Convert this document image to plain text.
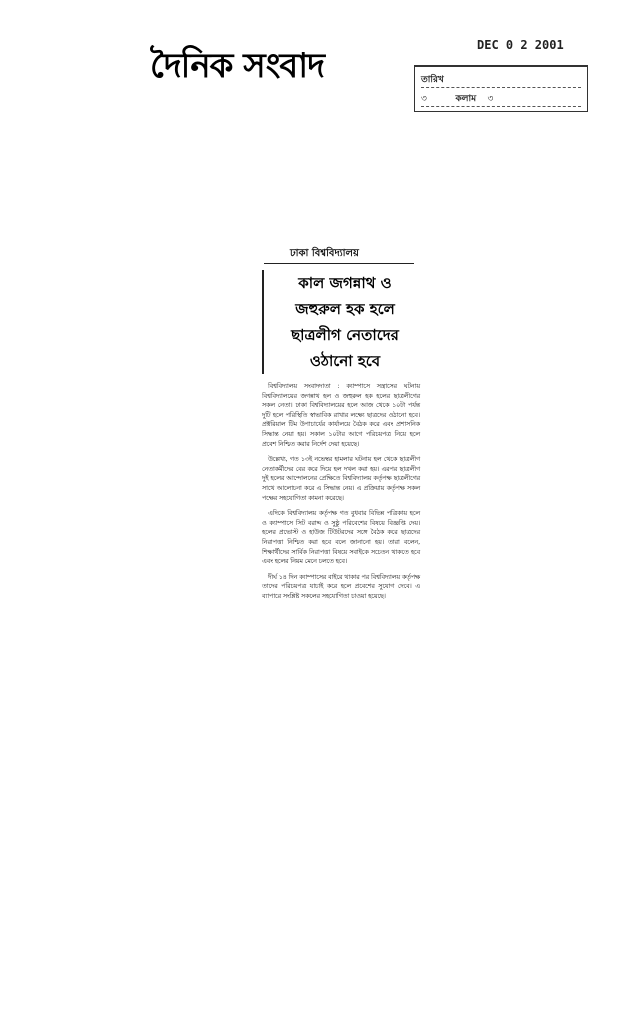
দৈনিক সংবাদ
DEC 0 2 2001
তারিখ
৩	কলাম ৩
ঢাকা বিশ্ববিদ্যালয়
কাল জগন্নাথ ও
জহুরুল হক হলে
ছাত্রলীগ নেতাদের
ওঠানো হবে

বিশ্ববিদ্যালয় সংবাদদাতা : ক্যাম্পাসে সন্ত্রাসের ঘটনায় বিশ্ববিদ্যালয়ের জগন্নাথ হল ও জহুরুল হক হলের ছাত্রলীগের সকল নেতা। ঢাকা বিশ্ববিদ্যালয়ের হলে আজ থেকে ১০টা পর্যন্ত দুটি হলে পরিস্থিতি স্বাভাবিক রাখার লক্ষ্যে ছাত্রদের ওঠানো হবে। প্রক্টরিয়াল টিম উপাচার্যের কার্যালয়ে বৈঠক করে এবং প্রশাসনিক সিদ্ধান্ত নেয়া হয়। সকাল ১০টার আগে পরিচয়পত্র নিয়ে হলে প্রবেশ নিশ্চিত করার নির্দেশ দেয়া হয়েছে।

উল্লেখ্য, গত ১৩ই নভেম্বর হামলার ঘটনায় হল থেকে ছাত্রলীগ নেতাকর্মীদের বের করে দিয়ে হল দখল করা হয়। এরপর ছাত্রলীগ দুই হলের আন্দোলনের প্রেক্ষিতে বিশ্ববিদ্যালয় কর্তৃপক্ষ ছাত্রলীগের সাথে আলোচনা করে এ সিদ্ধান্ত নেয়। এ প্রক্রিয়ায় কর্তৃপক্ষ সকল পক্ষের সহযোগিতা কামনা করেছে।

এদিকে বিশ্ববিদ্যালয় কর্তৃপক্ষ গত বুধবার বিভিন্ন পত্রিকায় হলে ও ক্যাম্পাসে সিট বরাদ্দ ও সুষ্ঠু পরিবেশের বিষয়ে বিজ্ঞপ্তি দেয়। হলের প্রভোস্ট ও হাউজ টিউটরদের সঙ্গে বৈঠক করে ছাত্রদের নিরাপত্তা নিশ্চিত করা হবে বলে জানানো হয়। তারা বলেন, শিক্ষার্থীদের সার্বিক নিরাপত্তা বিষয়ে সবাইকে সচেতন থাকতে হবে এবং হলের নিয়ম মেনে চলতে হবে।

দীর্ঘ ১৪ দিন ক্যাম্পাসের বাইরে থাকার পর বিশ্ববিদ্যালয় কর্তৃপক্ষ তাদের পরিচয়পত্র যাচাই করে হলে প্রবেশের সুযোগ দেবে। এ ব্যাপারে সংশ্লিষ্ট সকলের সহযোগিতা চাওয়া হয়েছে।
